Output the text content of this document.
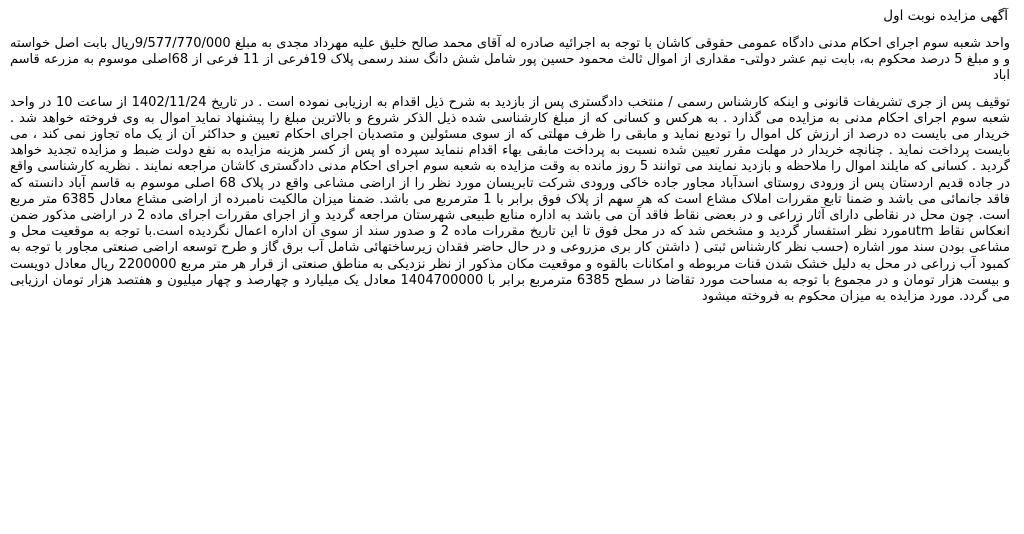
آگهی مزایده نوبت اول

واحد شعبه سوم اجرای احکام مدنی دادگاه عمومی حقوقی کاشان با توجه به اجرائیه صادره له آقای محمد صالح خلیق علیه مهرداد مجدی به مبلغ 9/577/770/000ریال بابت اصل خواسته و و مبلغ 5 درصد محکوم به، بابت نیم عشر دولتی- مقداری از اموال ثالث محمود حسین پور شامل شش دانگ سند رسمی پلاک 19فرعی از 11 فرعی از 68اصلی موسوم به مزرعه قاسم اباد

توقیف پس از جری تشریفات قانونی و اینکه کارشناس رسمی / منتخب دادگستری پس از بازدید به شرح ذیل اقدام به ارزیابی نموده است . در تاریخ 1402/11/24 از ساعت 10 در واحد شعبه سوم اجرای احکام مدنی به مزایده می گذارد . به هرکس و کسانی که از مبلغ کارشناسی شده ذیل الذکر شروع و بالاترین مبلغ را پیشنهاد نماید اموال به وی فروخته خواهد شد . خریدار می بایست ده درصد از ارزش کل اموال را تودیع نماید و مابقی را ظرف مهلتی که از سوی مسئولین و متصدیان اجرای احکام تعیین و حداکثر آن از یک ماه تجاوز نمی کند ، می بایست پرداخت نماید . چنانچه خریدار در مهلت مقرر تعیین شده نسبت به پرداخت مابقی بهاء اقدام ننماید سپرده او پس از کسر هزینه مزایده به نفع دولت ضبط و مزایده تجدید خواهد گردید . کسانی که مایلند اموال را ملاحظه و بازدید نمایند می توانند 5 روز مانده به وقت مزایده به شعبه سوم اجرای احکام مدنی دادگستری کاشان مراجعه نمایند . نظریه کارشناسی واقع در جاده قدیم اردستان پس از ورودی روستای اسدآباد مجاور جاده خاکی ورودی شرکت تابریسان مورد نظر را از اراضی مشاعی واقع در پلاک 68 اصلی موسوم به قاسم آباد دانسته که فاقد جانمائی می باشد و ضمنا تابع مقررات املاک مشاع است که هر سهم از پلاک فوق برابر با 1 مترمربع می باشد. ضمنا میزان مالکیت نامبرده از اراضی مشاع معادل 6385 متر مربع است. چون محل در نقاطی دارای آثار زراعی و در بعضی نقاط فاقد آن می باشد به اداره منابع طبیعی شهرستان مراجعه گردید و از اجرای مقررات اجرای ماده 2 در اراضی مذکور ضمن انعکاس نقاط utmمورد نظر استفسار گردید و مشخص شد که در محل فوق تا این تاریخ مقررات ماده 2 و صدور سند از سوی آن اداره اعمال نگردیده است.با توجه به موقعیت محل و مشاعی بودن سند مور اشاره (حسب نظر کارشناس ثبتی ( داشتن کار بری مزروعی و در حال حاضر فقدان زیرساختهائی شامل آب برق گاز و طرح توسعه اراضی صنعتی مجاور با توجه به کمبود آب زراعی در محل به دلیل خشک شدن قنات مربوطه و امکانات بالقوه و موقعیت مکان مذکور از نظر نزدیکی به مناطق صنعتی از قرار هر متر مربع 2200000 ریال معادل دویست و بیست هزار تومان و در مجموع با توجه به مساحت مورد تقاضا در سطح 6385 مترمربع برابر با 1404700000 معادل یک میلیارد و چهارصد و چهار میلیون و هفتصد هزار تومان ارزیابی می گردد. مورد مزایده به میزان محکوم به فروخته میشود
